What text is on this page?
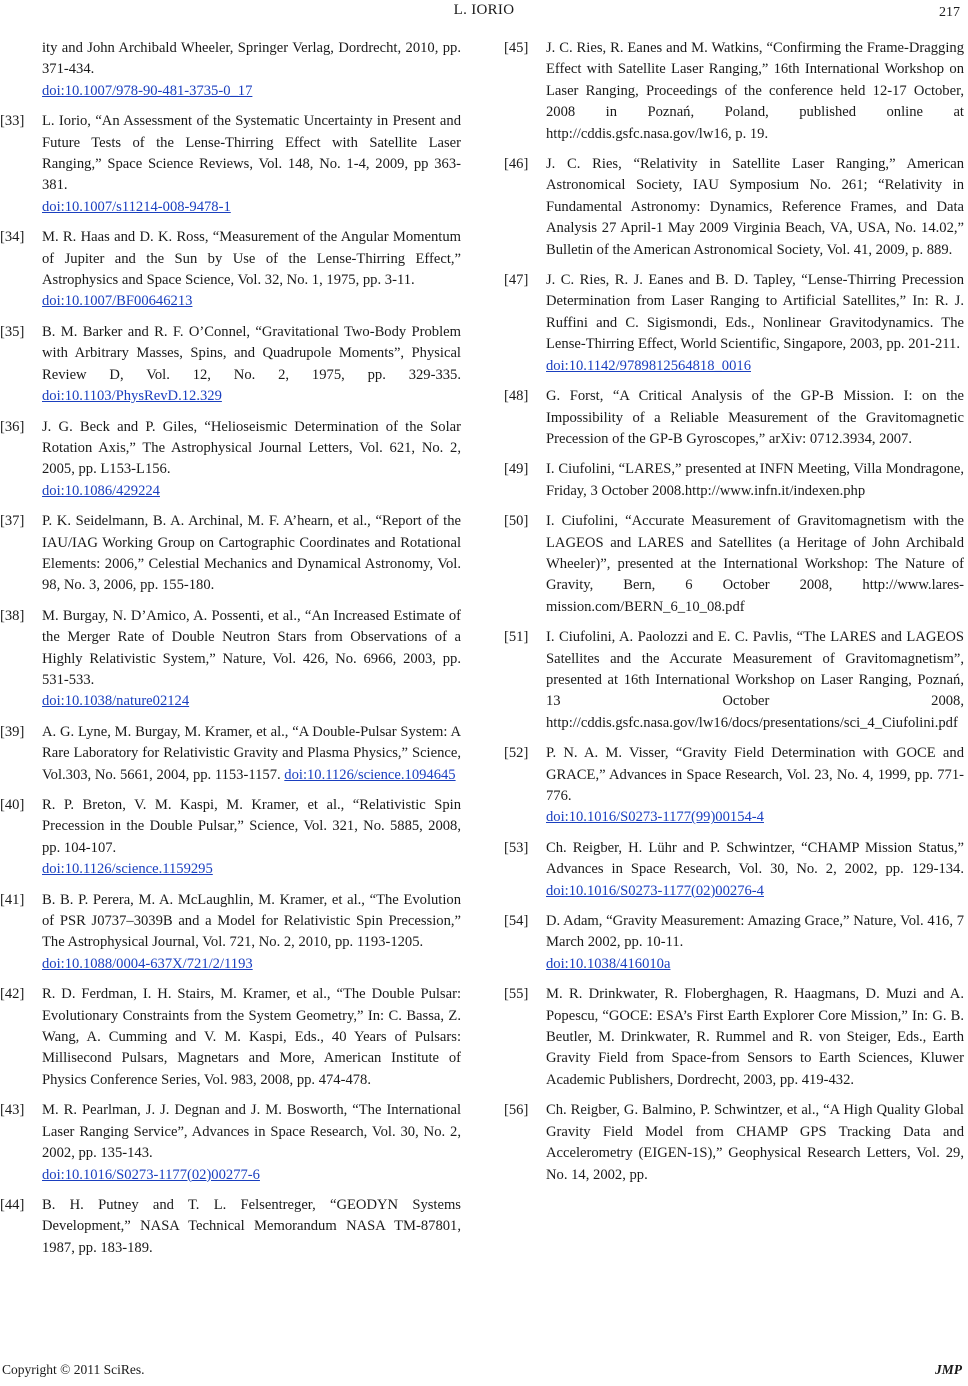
L. IORIO	217
ity and John Archibald Wheeler, Springer Verlag, Dordrecht, 2010, pp. 371-434.
doi:10.1007/978-90-481-3735-0_17
[33] L. Iorio, “An Assessment of the Systematic Uncertainty in Present and Future Tests of the Lense-Thirring Effect with Satellite Laser Ranging,” Space Science Reviews, Vol. 148, No. 1-4, 2009, pp 363-381.
doi:10.1007/s11214-008-9478-1
[34] M. R. Haas and D. K. Ross, “Measurement of the Angular Momentum of Jupiter and the Sun by Use of the Lense-Thirring Effect,” Astrophysics and Space Science, Vol. 32, No. 1, 1975, pp. 3-11.
doi:10.1007/BF00646213
[35] B. M. Barker and R. F. O’Connel, “Gravitational Two-Body Problem with Arbitrary Masses, Spins, and Quadrupole Moments”, Physical Review D, Vol. 12, No. 2, 1975, pp. 329-335. doi:10.1103/PhysRevD.12.329
[36] J. G. Beck and P. Giles, “Helioseismic Determination of the Solar Rotation Axis,” The Astrophysical Journal Letters, Vol. 621, No. 2, 2005, pp. L153-L156.
doi:10.1086/429224
[37] P. K. Seidelmann, B. A. Archinal, M. F. A’hearn, et al., “Report of the IAU/IAG Working Group on Cartographic Coordinates and Rotational Elements: 2006,” Celestial Mechanics and Dynamical Astronomy, Vol. 98, No. 3, 2006, pp. 155-180.
[38] M. Burgay, N. D’Amico, A. Possenti, et al., “An Increased Estimate of the Merger Rate of Double Neutron Stars from Observations of a Highly Relativistic System,” Nature, Vol. 426, No. 6966, 2003, pp. 531-533.
doi:10.1038/nature02124
[39] A. G. Lyne, M. Burgay, M. Kramer, et al., “A Double-Pulsar System: A Rare Laboratory for Relativistic Gravity and Plasma Physics,” Science, Vol.303, No. 5661, 2004, pp. 1153-1157. doi:10.1126/science.1094645
[40] R. P. Breton, V. M. Kaspi, M. Kramer, et al., “Relativistic Spin Precession in the Double Pulsar,” Science, Vol. 321, No. 5885, 2008, pp. 104-107.
doi:10.1126/science.1159295
[41] B. B. P. Perera, M. A. McLaughlin, M. Kramer, et al., “The Evolution of PSR J0737–3039B and a Model for Relativistic Spin Precession,” The Astrophysical Journal, Vol. 721, No. 2, 2010, pp. 1193-1205.
doi:10.1088/0004-637X/721/2/1193
[42] R. D. Ferdman, I. H. Stairs, M. Kramer, et al., “The Double Pulsar: Evolutionary Constraints from the System Geometry,” In: C. Bassa, Z. Wang, A. Cumming and V. M. Kaspi, Eds., 40 Years of Pulsars: Millisecond Pulsars, Magnetars and More, American Institute of Physics Conference Series, Vol. 983, 2008, pp. 474-478.
[43] M. R. Pearlman, J. J. Degnan and J. M. Bosworth, “The International Laser Ranging Service”, Advances in Space Research, Vol. 30, No. 2, 2002, pp. 135-143.
doi:10.1016/S0273-1177(02)00277-6
[44] B. H. Putney and T. L. Felsentreger, “GEODYN Systems Development,” NASA Technical Memorandum NASA TM-87801, 1987, pp. 183-189.
[45] J. C. Ries, R. Eanes and M. Watkins, “Confirming the Frame-Dragging Effect with Satellite Laser Ranging,” 16th International Workshop on Laser Ranging, Proceedings of the conference held 12-17 October, 2008 in Poznań, Poland, published online at http://cddis.gsfc.nasa.gov/lw16, p. 19.
[46] J. C. Ries, “Relativity in Satellite Laser Ranging,” American Astronomical Society, IAU Symposium No. 261; “Relativity in Fundamental Astronomy: Dynamics, Reference Frames, and Data Analysis 27 April-1 May 2009 Virginia Beach, VA, USA, No. 14.02,” Bulletin of the American Astronomical Society, Vol. 41, 2009, p. 889.
[47] J. C. Ries, R. J. Eanes and B. D. Tapley, “Lense-Thirring Precession Determination from Laser Ranging to Artificial Satellites,” In: R. J. Ruffini and C. Sigismondi, Eds., Nonlinear Gravitodynamics. The Lense-Thirring Effect, World Scientific, Singapore, 2003, pp. 201-211.
doi:10.1142/9789812564818_0016
[48] G. Forst, “A Critical Analysis of the GP-B Mission. I: on the Impossibility of a Reliable Measurement of the Gravitomagnetic Precession of the GP-B Gyroscopes,” arXiv: 0712.3934, 2007.
[49] I. Ciufolini, “LARES,” presented at INFN Meeting, Villa Mondragone, Friday, 3 October 2008.http://www.infn.it/indexen.php
[50] I. Ciufolini, “Accurate Measurement of Gravitomagnetism with the LAGEOS and LARES and Satellites (a Heritage of John Archibald Wheeler)”, presented at the International Workshop: The Nature of Gravity, Bern, 6 October 2008, http://www.lares-mission.com/BERN_6_10_08.pdf
[51] I. Ciufolini, A. Paolozzi and E. C. Pavlis, “The LARES and LAGEOS Satellites and the Accurate Measurement of Gravitomagnetism”, presented at 16th International Workshop on Laser Ranging, Poznań, 13 October 2008, http://cddis.gsfc.nasa.gov/lw16/docs/presentations/sci_4_Ciufolini.pdf
[52] P. N. A. M. Visser, “Gravity Field Determination with GOCE and GRACE,” Advances in Space Research, Vol. 23, No. 4, 1999, pp. 771-776.
doi:10.1016/S0273-1177(99)00154-4
[53] Ch. Reigber, H. Lühr and P. Schwintzer, “CHAMP Mission Status,” Advances in Space Research, Vol. 30, No. 2, 2002, pp. 129-134. doi:10.1016/S0273-1177(02)00276-4
[54] D. Adam, “Gravity Measurement: Amazing Grace,” Nature, Vol. 416, 7 March 2002, pp. 10-11.
doi:10.1038/416010a
[55] M. R. Drinkwater, R. Floberghagen, R. Haagmans, D. Muzi and A. Popescu, “GOCE: ESA’s First Earth Explorer Core Mission,” In: G. B. Beutler, M. Drinkwater, R. Rummel and R. von Steiger, Eds., Earth Gravity Field from Space-from Sensors to Earth Sciences, Kluwer Academic Publishers, Dordrecht, 2003, pp. 419-432.
[56] Ch. Reigber, G. Balmino, P. Schwintzer, et al., “A High Quality Global Gravity Field Model from CHAMP GPS Tracking Data and Accelerometry (EIGEN-1S),” Geophysical Research Letters, Vol. 29, No. 14, 2002, pp.
Copyright © 2011 SciRes.	JMP
